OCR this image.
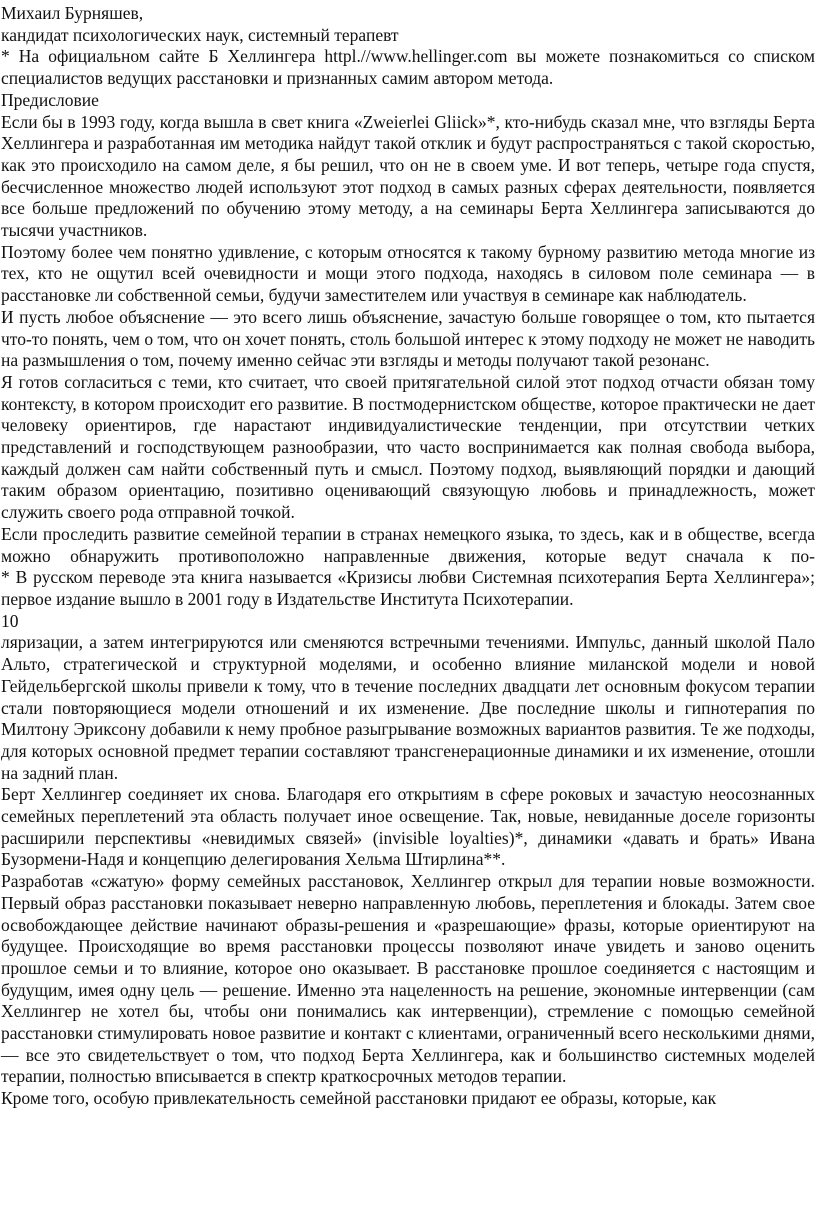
Михаил Бурняшев,

кандидат психологических наук, системный терапевт

* На официальном сайте Б Хеллингера httpl.//www.hellinger.com вы можете познакомиться со списком специалистов ведущих расстановки и признанных самим автором метода.

Предисловие

Если бы в 1993 году, когда вышла в свет книга «Zweierlei Gliick»*, кто-нибудь сказал мне, что взгляды Берта Хеллингера и разработанная им методика найдут такой отклик и будут распространяться с такой скоростью, как это происходило на самом деле, я бы решил, что он не в своем уме. И вот теперь, четыре года спустя, бесчисленное множество людей используют этот подход в самых разных сферах деятельности, появляется все больше предложений по обучению этому методу, а на семинары Берта Хеллингера записываются до тысячи участников.

Поэтому более чем понятно удивление, с которым относятся к такому бурному развитию метода многие из тех, кто не ощутил всей очевидности и мощи этого подхода, находясь в силовом поле семинара — в расстановке ли собственной семьи, будучи заместителем или участвуя в семинаре как наблюдатель.

И пусть любое объяснение — это всего лишь объяснение, зачастую больше говорящее о том, кто пытается что-то понять, чем о том, что он хочет понять, столь большой интерес к этому подходу не может не наводить на размышления о том, почему именно сейчас эти взгляды и методы получают такой резонанс.

Я готов согласиться с теми, кто считает, что своей притягательной силой этот подход отчасти обязан тому контексту, в котором происходит его развитие. В постмодернистском обществе, которое практически не дает человеку ориентиров, где нарастают индивидуалистические тенденции, при отсутствии четких представлений и господствующем разнообразии, что часто воспринимается как полная свобода выбора, каждый должен сам найти собственный путь и смысл. Поэтому подход, выявляющий порядки и дающий таким образом ориентацию, позитивно оценивающий связующую любовь и принадлежность, может служить своего рода отправной точкой.

Если проследить развитие семейной терапии в странах немецкого языка, то здесь, как и в обществе, всегда можно обнаружить противоположно направленные движения, которые ведут сначала к по-

* В русском переводе эта книга называется «Кризисы любви Системная психотерапия Берта Хеллингера»; первое издание вышло в 2001 году в Издательстве Института Психотерапии.

10

ляризации, а затем интегрируются или сменяются встречными течениями. Импульс, данный школой Пало Альто, стратегической и структурной моделями, и особенно влияние миланской модели и новой Гейдельбергской школы привели к тому, что в течение последних двадцати лет основным фокусом терапии стали повторяющиеся модели отношений и их изменение. Две последние школы и гипнотерапия по Милтону Эриксону добавили к нему пробное разыгрывание возможных вариантов развития. Те же подходы, для которых основной предмет терапии составляют трансгенерационные динамики и их изменение, отошли на задний план.

Берт Хеллингер соединяет их снова. Благодаря его открытиям в сфере роковых и зачастую неосознанных семейных переплетений эта область получает иное освещение. Так, новые, невиданные доселе горизонты расширили перспективы «невидимых связей» (invisible loyalties)*, динамики «давать и брать» Ивана Бузормени-Надя и концепцию делегирования Хельма Штирлина**.

Разработав «сжатую» форму семейных расстановок, Хеллингер открыл для терапии новые возможности. Первый образ расстановки показывает неверно направленную любовь, переплетения и блокады. Затем свое освобождающее действие начинают образы-решения и «разрешающие» фразы, которые ориентируют на будущее. Происходящие во время расстановки процессы позволяют иначе увидеть и заново оценить прошлое семьи и то влияние, которое оно оказывает. В расстановке прошлое соединяется с настоящим и будущим, имея одну цель — решение. Именно эта нацеленность на решение, экономные интервенции (сам Хеллингер не хотел бы, чтобы они понимались как интервенции), стремление с помощью семейной расстановки стимулировать новое развитие и контакт с клиентами, ограниченный всего несколькими днями, — все это свидетельствует о том, что подход Берта Хеллингера, как и большинство системных моделей терапии, полностью вписывается в спектр краткосрочных методов терапии.

Кроме того, особую привлекательность семейной расстановки придают ее образы, которые, как
